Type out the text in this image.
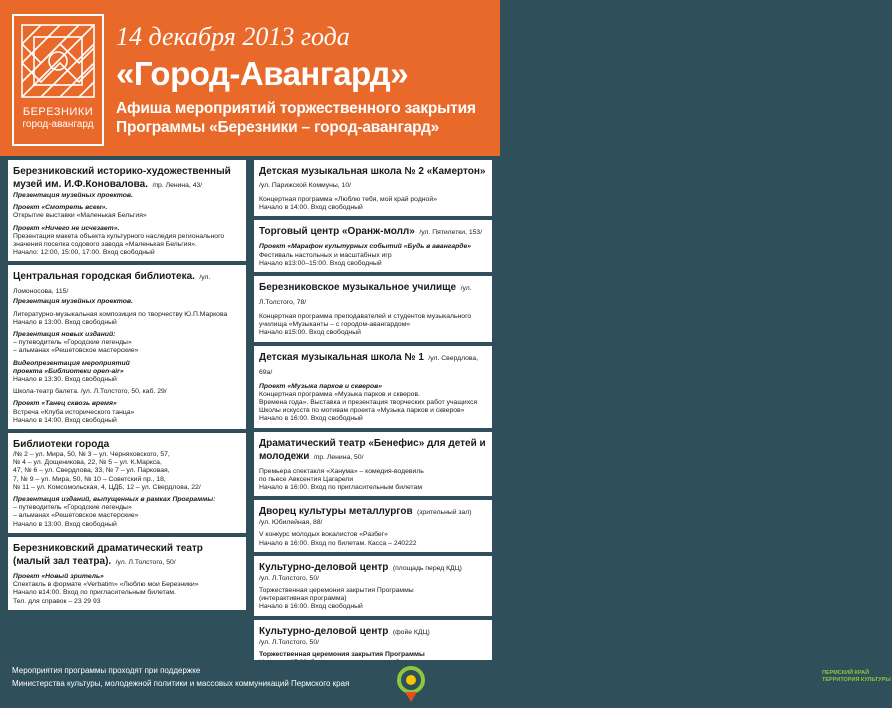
БЕРЕЗНИКИ
город-авангард
14 декабря 2013 года
«Город-Авангард»
Афиша мероприятий торжественного закрытия
Программы «Березники – город-авангард»
Березниковский историко-художественный музей им. И.Ф.Коновалова. /пр. Ленина, 43/

Презентация музейных проектов.

Проект «Смотреть всем».

Открытие выставки «Маленькая Бельгия»

Проект «Ничего не исчезает».

Презентация макета объекта культурного наследия регионального

значения поселка содового завода «Маленькая Бельгия».

Начало: 12:00, 15:00, 17:00. Вход свободный

Центральная городская библиотека. /ул. Ломоносова, 115/

Презентация музейных проектов.

Литературно-музыкальная композиция по творчеству Ю.П.Маркова

Начало в 13:00. Вход свободный

Презентация новых изданий:

– путеводитель «Городские легенды»

– альманах «Решетовское мастерские»

Видеопрезентация мероприятий

проекта «Библиотеки open-air»

Начало в 13:30. Вход свободный

Школа-театр балета. /ул. Л.Толстого, 50, каб. 29/

Проект «Танец сквозь время»

Встреча «Клуба исторического танца»

Начало в 14:00. Вход свободный

Библиотеки города

/№ 2 – ул. Мира, 50, № 3 – ул. Черняховского, 57,

№ 4 – ул. Дощеникова, 22, № 5 – ул. К.Маркса,

47, № 6 – ул. Свердлова, 33, № 7 – ул. Парковая,

7, № 9 – ул. Мира, 50, № 10 – Советский пр., 18,

№ 11 – ул. Комсомольская, 4, ЦДБ, 12 – ул. Свердлова, 22/

Презентация изданий, выпущенных в рамках Программы:

– путеводитель «Городские легенды»

– альманах «Решетовское мастерские»

Начало в 13:00. Вход свободный

Березниковский драматический театр (малый зал театра). /ул. Л.Толстого, 50/

Проект «Новый зритель»

Спектакль в формате «Verbatim» «Люблю мои Березники»

Начало в14:00. Вход по пригласительным билетам.

Тел. для справок – 23 29 93

Детская музыкальная школа № 2 «Камертон» /ул. Парижской Коммуны, 10/

Концертная программа «Люблю тебя, мой край родной»

Начало в 14:00. Вход свободный

Торговый центр «Оранж-молл» /ул. Пятилетки, 153/

Проект «Марафон культурных событий «Будь в авангарде»

Фестиваль настольных и масштабных игр

Начало в13:00–15:00. Вход свободный

Березниковское музыкальное училище /ул. Л.Толстого, 78/

Концертная программа преподавателей и студентов музыкального

училища «Музыканты – с городом-авангардом»

Начало в15:00. Вход свободный

Детская музыкальная школа № 1 /ул. Свердлова, 69а/

Проект «Музыка парков и скверов»

Концертная программа «Музыка парков и скверов.

Времена года». Выставка и презентация творческих работ учащихся

Школы искусств по мотивам проекта «Музыка парков и скверов»

Начало в 16:00. Вход свободный

Драматический театр «Бенефис» для детей и молодежи /пр. Ленина, 50/

Премьера спектакля «Ханума» – комедия-водевиль

по пьесе Авксентия Цагарели

Начало в 16:00. Вход по пригласительным билетам

Дворец культуры металлургов (зрительный зал)

/ул. Юбилейная, 88/

V конкурс молодых вокалистов «Разбег»

Начало в 16:00. Вход по билетам. Касса – 240222

Культурно-деловой центр (площадь перед КДЦ)

/ул. Л.Толстого, 50/

Торжественная церемония закрытия Программы

(интерактивная программа)

Начало в 16:00. Вход свободный

Культурно-деловой центр (фойе КДЦ)

/ул. Л.Толстого, 50/

Торжественная церемония закрытия Программы

Мероприятия программы проходят при поддержке
Министерства культуры, молодежной политики и массовых коммуникаций Пермского края
ПЕРМСКИЙ КРАЙ ТЕРРИТОРИЯ КУЛЬТУРЫ
